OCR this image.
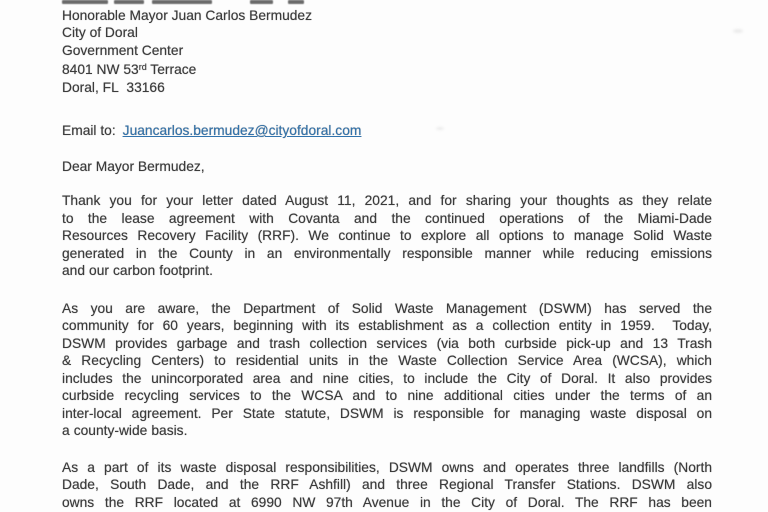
Honorable Mayor Juan Carlos Bermudez
City of Doral
Government Center
8401 NW 53rd Terrace
Doral, FL  33166
Email to: Juancarlos.bermudez@cityofdoral.com
Dear Mayor Bermudez,
Thank you for your letter dated August 11, 2021, and for sharing your thoughts as they relate
to the lease agreement with Covanta and the continued operations of the Miami-Dade
Resources Recovery Facility (RRF). We continue to explore all options to manage Solid Waste
generated in the County in an environmentally responsible manner while reducing emissions
and our carbon footprint.
As you are aware, the Department of Solid Waste Management (DSWM) has served the
community for 60 years, beginning with its establishment as a collection entity in 1959.  Today,
DSWM provides garbage and trash collection services (via both curbside pick-up and 13 Trash
& Recycling Centers) to residential units in the Waste Collection Service Area (WCSA), which
includes the unincorporated area and nine cities, to include the City of Doral. It also provides
curbside recycling services to the WCSA and to nine additional cities under the terms of an
inter-local agreement. Per State statute, DSWM is responsible for managing waste disposal on
a county-wide basis.
As a part of its waste disposal responsibilities, DSWM owns and operates three landfills (North
Dade, South Dade, and the RRF Ashfill) and three Regional Transfer Stations. DSWM also
owns the RRF located at 6990 NW 97th Avenue in the City of Doral. The RRF has been
